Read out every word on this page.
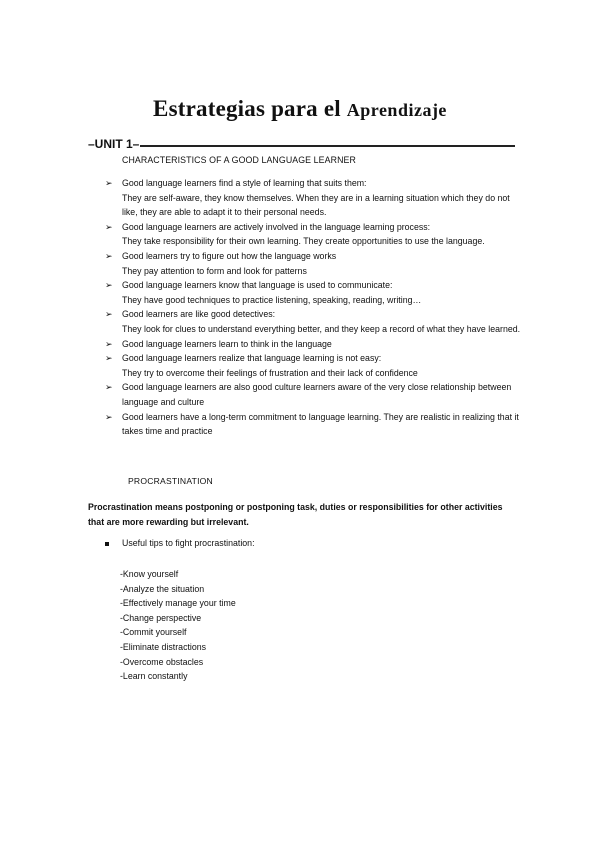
Estrategias para el Aprendizaje
–UNIT 1–
CHARACTERISTICS OF A GOOD LANGUAGE LEARNER
➢ Good language learners find a style of learning that suits them:
They are self-aware, they know themselves. When they are in a learning situation which they do not like, they are able to adapt it to their personal needs.
➢ Good language learners are actively involved in the language learning process:
They take responsibility for their own learning. They create opportunities to use the language.
➢ Good learners try to figure out how the language works
They pay attention to form and look for patterns
➢ Good language learners know that language is used to communicate:
They have good techniques to practice listening, speaking, reading, writing…
➢ Good learners are like good detectives:
They look for clues to understand everything better, and they keep a record of what they have learned.
➢ Good language learners learn to think in the language
➢ Good language learners realize that language learning is not easy:
They try to overcome their feelings of frustration and their lack of confidence
➢ Good language learners are also good culture learners aware of the very close relationship between language and culture
➢ Good learners have a long-term commitment to language learning. They are realistic in realizing that it takes time and practice
PROCRASTINATION
Procrastination means postponing or postponing task, duties or responsibilities for other activities that are more rewarding but irrelevant.
Useful tips to fight procrastination:
-Know yourself
-Analyze the situation
-Effectively manage your time
-Change perspective
-Commit yourself
-Eliminate distractions
-Overcome obstacles
-Learn constantly
